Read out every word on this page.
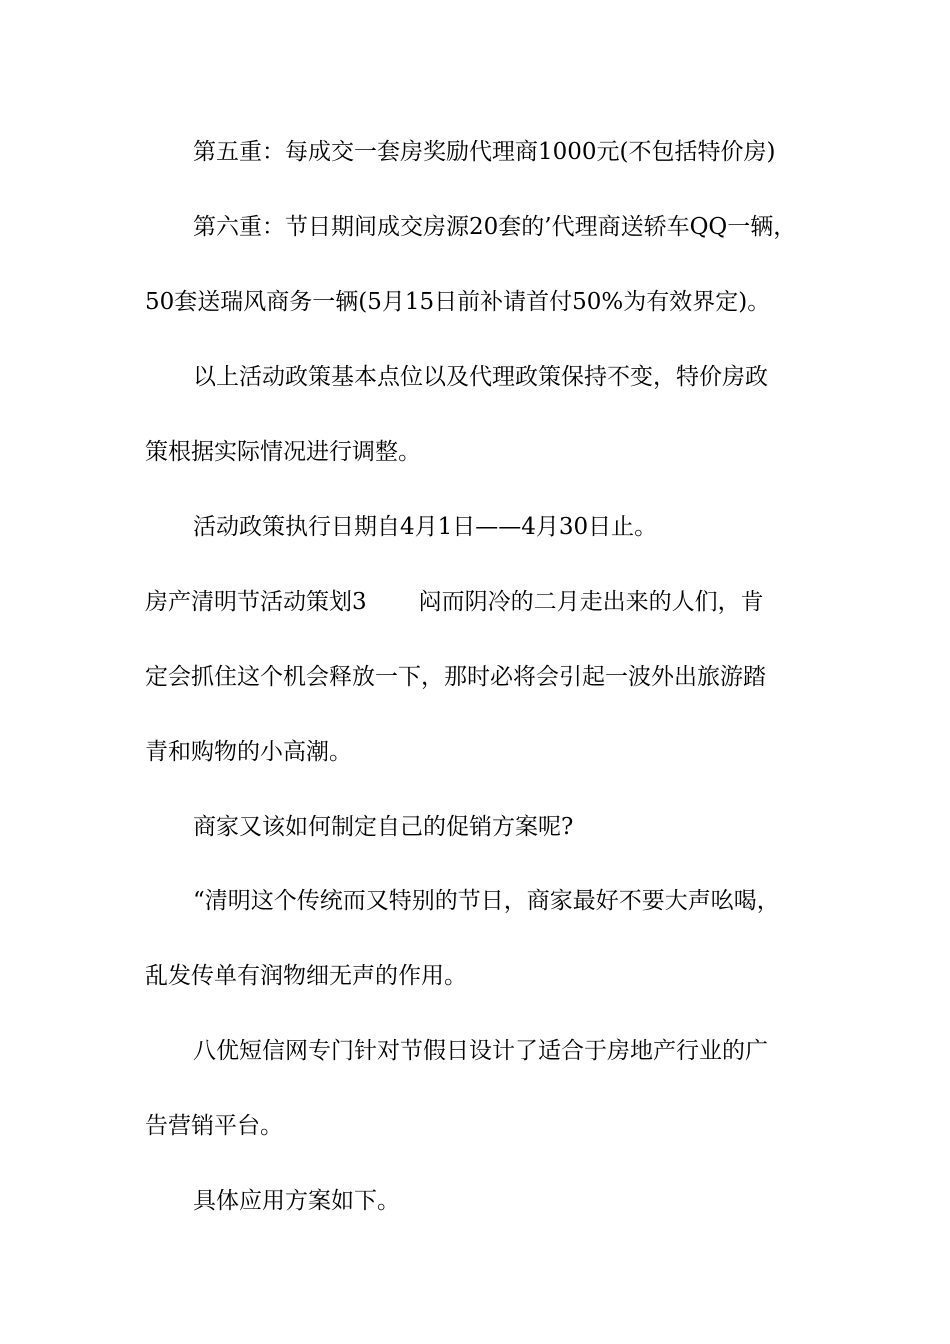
第五重：每成交一套房奖励代理商1000元(不包括特价房)
第六重：节日期间成交房源20套的’代理商送轿车QQ一辆，
50套送瑞风商务一辆(5月15日前补请首付50%为有效界定)。
以上活动政策基本点位以及代理政策保持不变，特价房政
策根据实际情况进行调整。
活动政策执行日期自4月1日——4月30日止。
房产清明节活动策划3 闷而阴冷的二月走出来的人们，肯
定会抓住这个机会释放一下，那时必将会引起一波外出旅游踏
青和购物的小高潮。
商家又该如何制定自己的促销方案呢?
“清明这个传统而又特别的节日，商家最好不要大声吆喝，
乱发传单有润物细无声的作用。
八优短信网专门针对节假日设计了适合于房地产行业的广
告营销平台。
具体应用方案如下。
